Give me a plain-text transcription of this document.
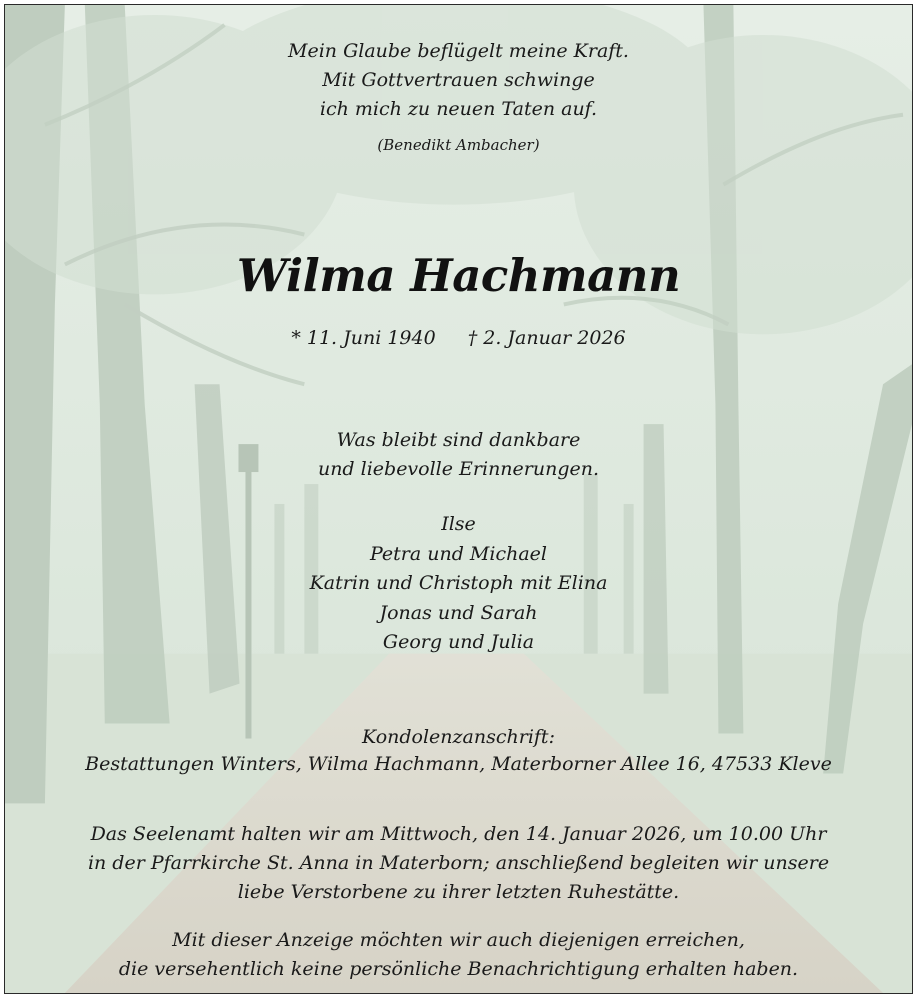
Mein Glaube beflügelt meine Kraft.
Mit Gottvertrauen schwinge
ich mich zu neuen Taten auf.
(Benedikt Ambacher)
Wilma Hachmann
* 11. Juni 1940 † 2. Januar 2026
Was bleibt sind dankbare
und liebevolle Erinnerungen.
Ilse
Petra und Michael
Katrin und Christoph mit Elina
Jonas und Sarah
Georg und Julia
Kondolenzanschrift:
Bestattungen Winters, Wilma Hachmann, Materborner Allee 16, 47533 Kleve
Das Seelenamt halten wir am Mittwoch, den 14. Januar 2026, um 10.00 Uhr
in der Pfarrkirche St. Anna in Materborn; anschließend begleiten wir unsere
liebe Verstorbene zu ihrer letzten Ruhestätte.
Mit dieser Anzeige möchten wir auch diejenigen erreichen,
die versehentlich keine persönliche Benachrichtigung erhalten haben.
